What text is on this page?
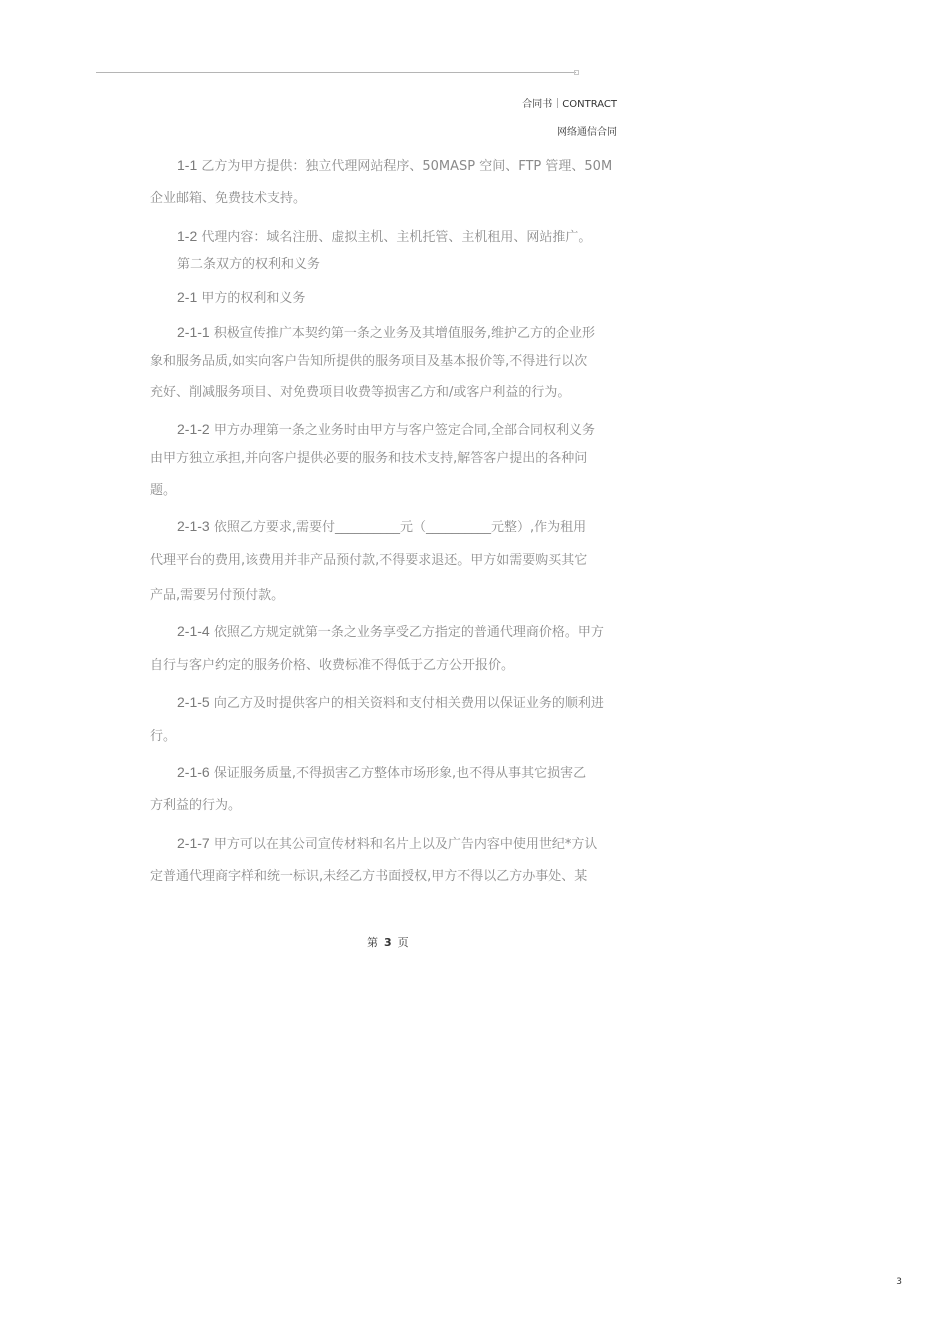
合同书｜CONTRACT
网络通信合同
1-1 乙方为甲方提供：独立代理网站程序、50MASP 空间、FTP 管理、50M
企业邮箱、免费技术支持。
1-2 代理内容：域名注册、虚拟主机、主机托管、主机租用、网站推广。
第二条双方的权利和义务
2-1 甲方的权利和义务
2-1-1 积极宣传推广本契约第一条之业务及其增值服务,维护乙方的企业形
象和服务品质,如实向客户告知所提供的服务项目及基本报价等,不得进行以次
充好、削减服务项目、对免费项目收费等损害乙方和/或客户利益的行为。
2-1-2 甲方办理第一条之业务时由甲方与客户签定合同,全部合同权利义务
由甲方独立承担,并向客户提供必要的服务和技术支持,解答客户提出的各种问
题。
2-1-3 依照乙方要求,需要付__________元（__________元整）,作为租用
代理平台的费用,该费用并非产品预付款,不得要求退还。甲方如需要购买其它
产品,需要另付预付款。
2-1-4 依照乙方规定就第一条之业务享受乙方指定的普通代理商价格。甲方
自行与客户约定的服务价格、收费标准不得低于乙方公开报价。
2-1-5 向乙方及时提供客户的相关资料和支付相关费用以保证业务的顺利进
行。
2-1-6 保证服务质量,不得损害乙方整体市场形象,也不得从事其它损害乙
方利益的行为。
2-1-7 甲方可以在其公司宣传材料和名片上以及广告内容中使用世纪*方认
定普通代理商字样和统一标识,未经乙方书面授权,甲方不得以乙方办事处、某
第 3 页
3
